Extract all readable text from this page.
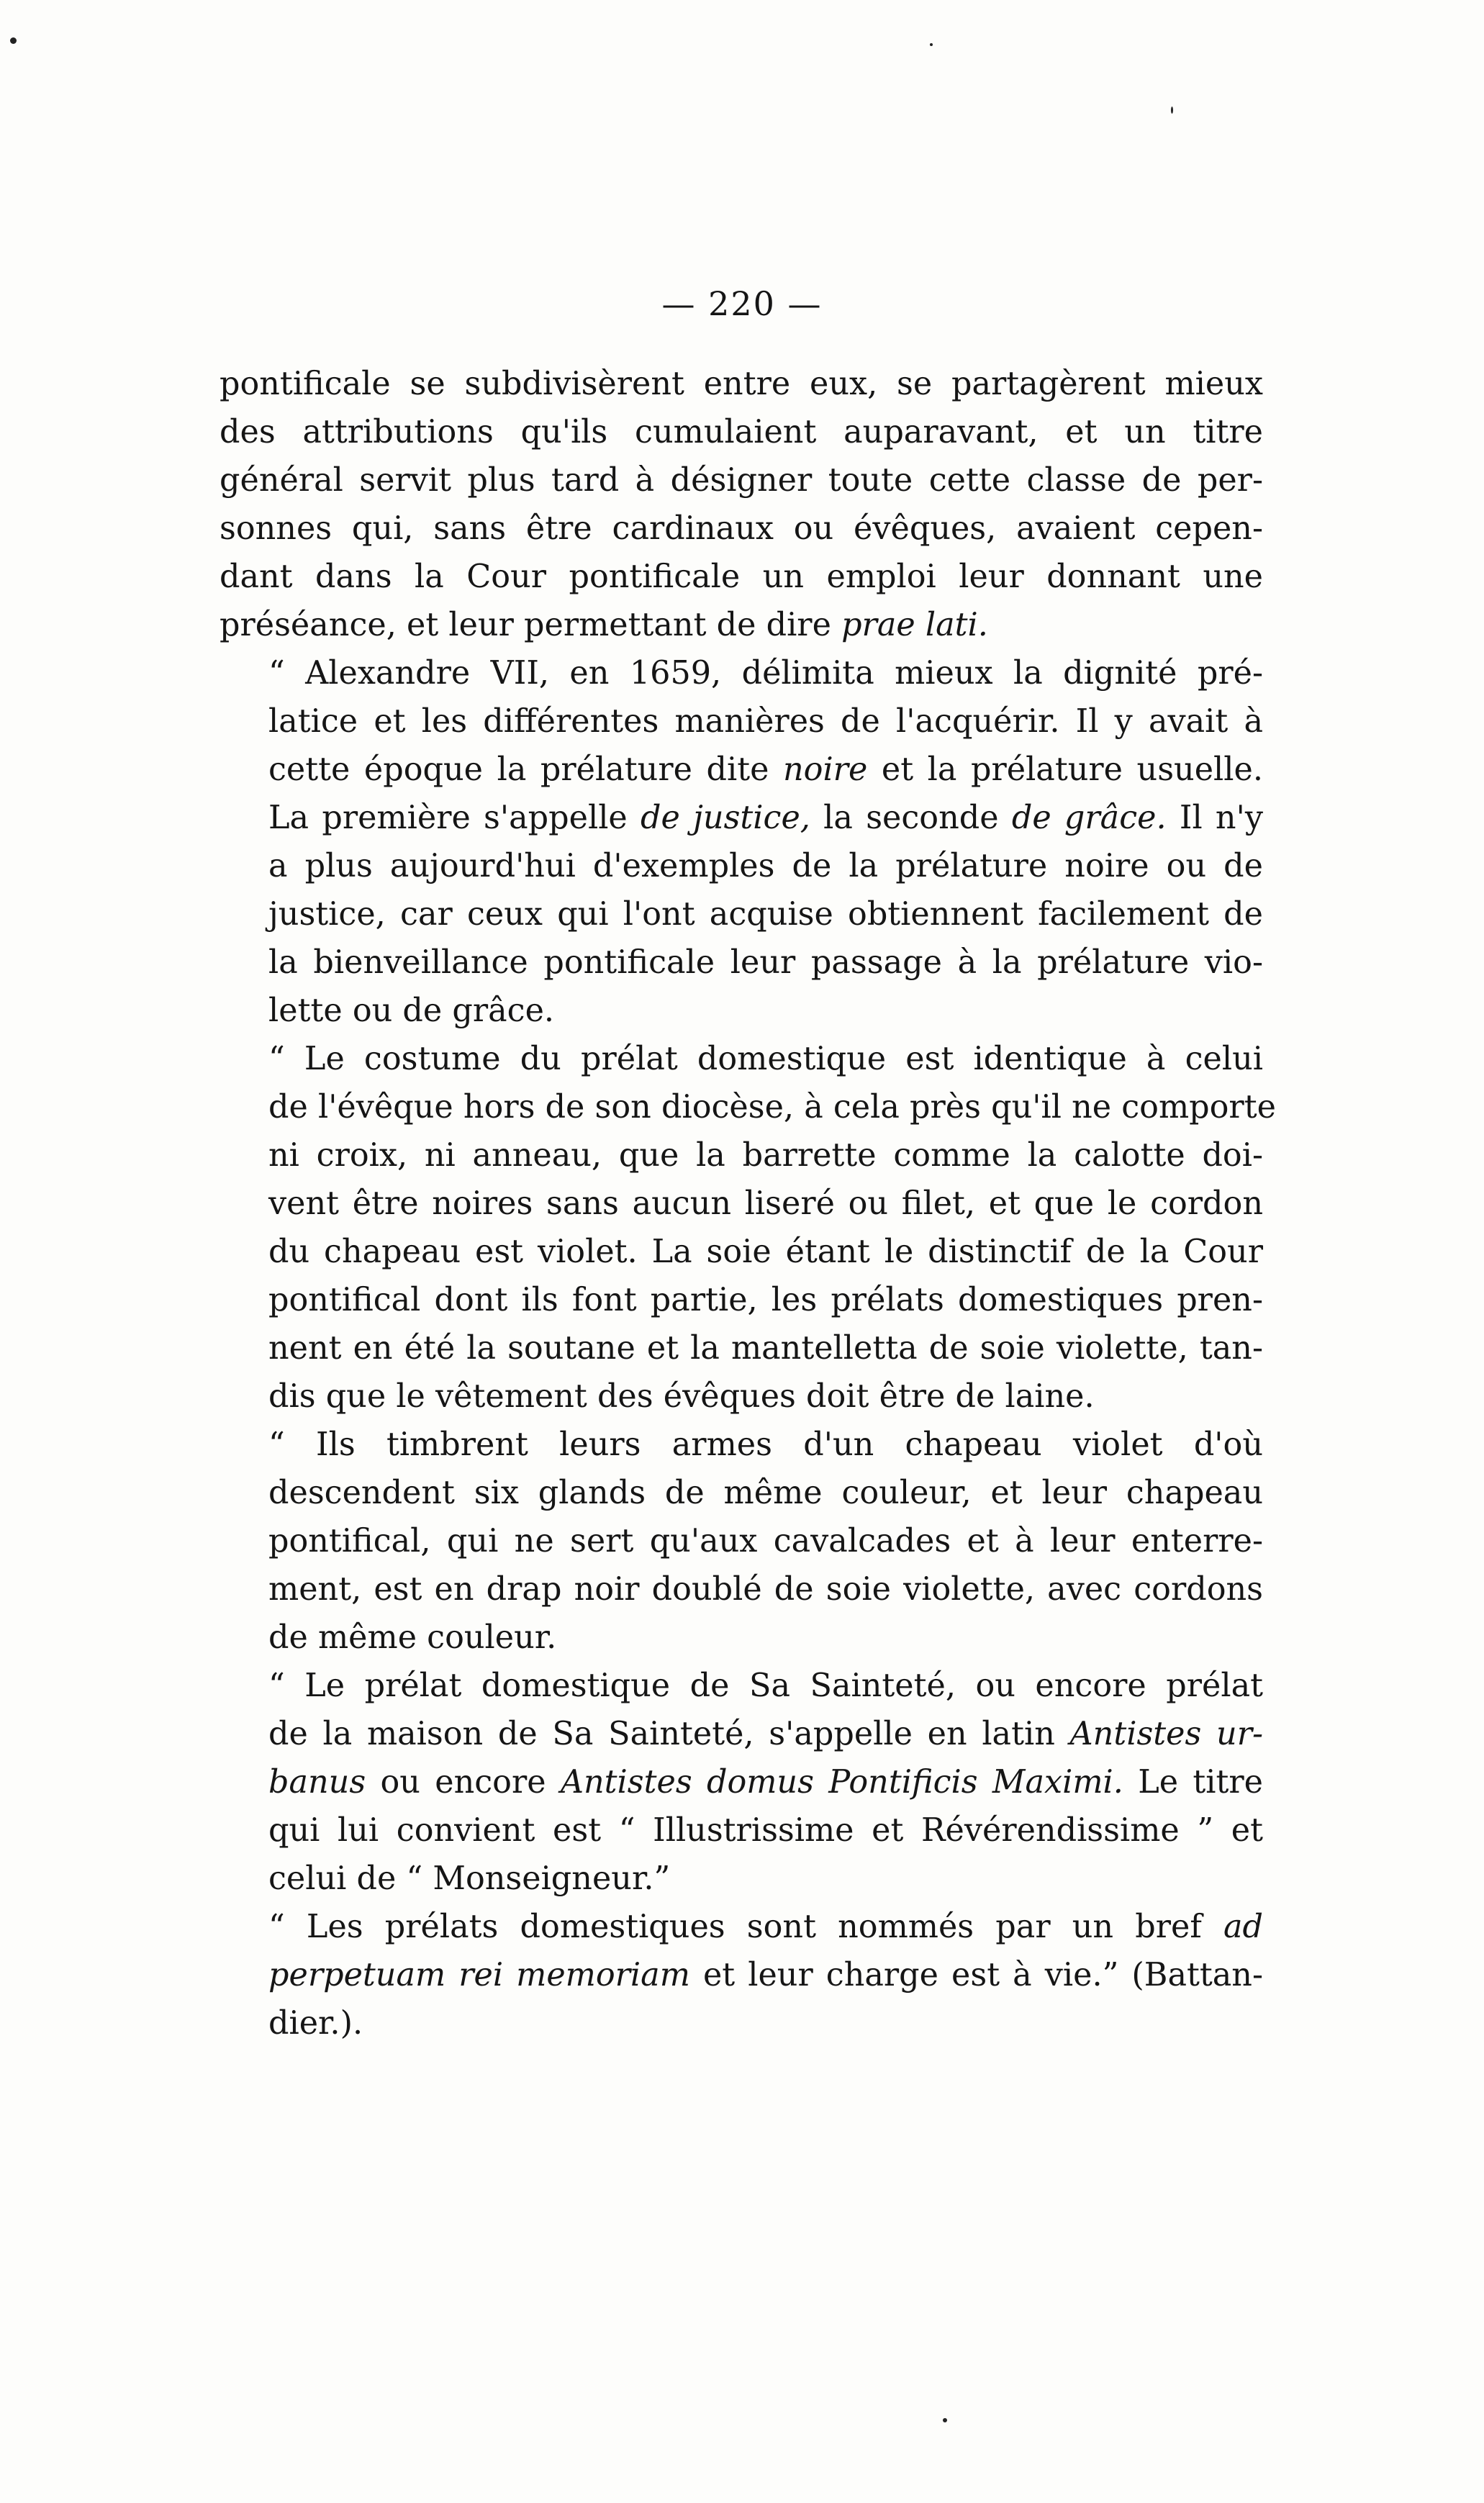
— 220 —

pontificale se subdivisèrent entre eux, se partagèrent mieux
des attributions qu'ils cumulaient auparavant, et un titre
général servit plus tard à désigner toute cette classe de per-
sonnes qui, sans être cardinaux ou évêques, avaient cepen-
dant dans la Cour pontificale un emploi leur donnant une
préséance, et leur permettant de dire prae lati.

“ Alexandre VII, en 1659, délimita mieux la dignité pré-
latice et les différentes manières de l'acquérir. Il y avait à
cette époque la prélature dite noire et la prélature usuelle.
La première s'appelle de justice, la seconde de grâce. Il n'y
a plus aujourd'hui d'exemples de la prélature noire ou de
justice, car ceux qui l'ont acquise obtiennent facilement de
la bienveillance pontificale leur passage à la prélature vio-
lette ou de grâce.

“ Le costume du prélat domestique est identique à celui
de l'évêque hors de son diocèse, à cela près qu'il ne comporte
ni croix, ni anneau, que la barrette comme la calotte doi-
vent être noires sans aucun liseré ou filet, et que le cordon
du chapeau est violet. La soie étant le distinctif de la Cour
pontifical dont ils font partie, les prélats domestiques pren-
nent en été la soutane et la mantelletta de soie violette, tan-
dis que le vêtement des évêques doit être de laine.

“ Ils timbrent leurs armes d'un chapeau violet d'où
descendent six glands de même couleur, et leur chapeau
pontifical, qui ne sert qu'aux cavalcades et à leur enterre-
ment, est en drap noir doublé de soie violette, avec cordons
de même couleur.

“ Le prélat domestique de Sa Sainteté, ou encore prélat
de la maison de Sa Sainteté, s'appelle en latin Antistes ur-
banus ou encore Antistes domus Pontificis Maximi. Le titre
qui lui convient est “ Illustrissime et Révérendissime ” et
celui de “ Monseigneur.”

“ Les prélats domestiques sont nommés par un bref ad
perpetuam rei memoriam et leur charge est à vie.” (Battan-
dier.).
